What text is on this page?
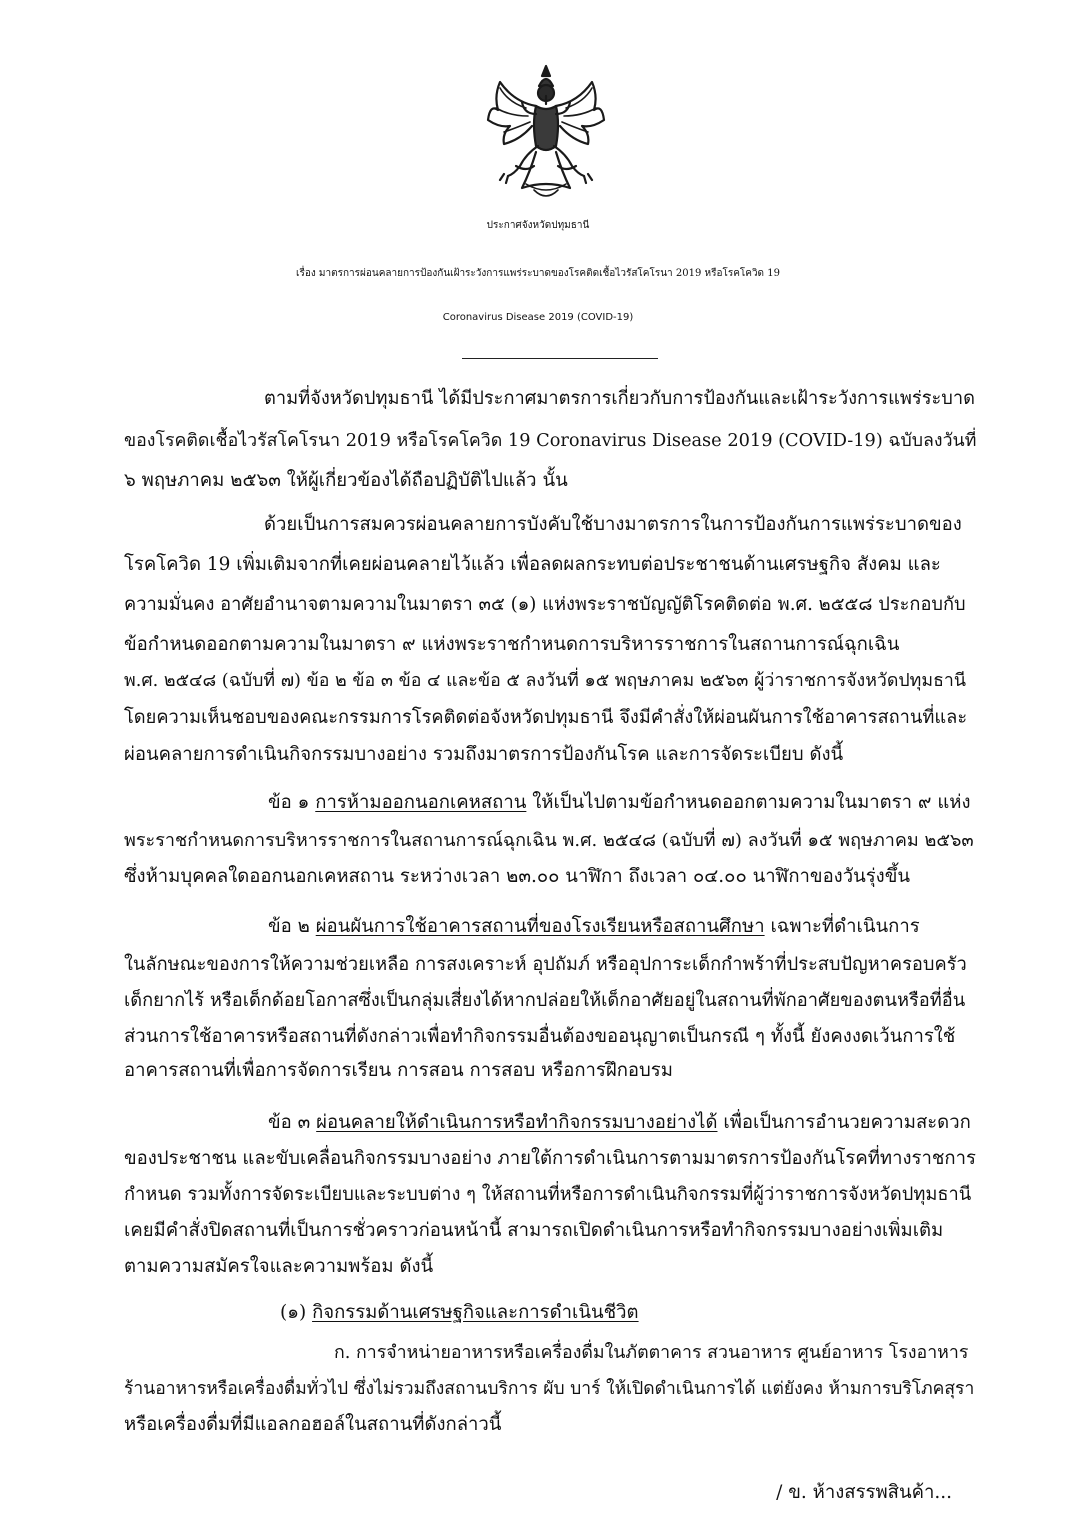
ประกาศจังหวัดปทุมธานี
เรื่อง มาตรการผ่อนคลายการป้องกันเฝ้าระวังการแพร่ระบาดของโรคติดเชื้อไวรัสโคโรนา 2019 หรือโรคโควิด 19
Coronavirus Disease 2019 (COVID-19)
ตามที่จังหวัดปทุมธานี ได้มีประกาศมาตรการเกี่ยวกับการป้องกันและเฝ้าระวังการแพร่ระบาด
ของโรคติดเชื้อไวรัสโคโรนา 2019 หรือโรคโควิด 19 Coronavirus Disease 2019 (COVID-19) ฉบับลงวันที่
๖ พฤษภาคม ๒๕๖๓ ให้ผู้เกี่ยวข้องได้ถือปฏิบัติไปแล้ว นั้น
ด้วยเป็นการสมควรผ่อนคลายการบังคับใช้บางมาตรการในการป้องกันการแพร่ระบาดของ
โรคโควิด 19 เพิ่มเติมจากที่เคยผ่อนคลายไว้แล้ว เพื่อลดผลกระทบต่อประชาชนด้านเศรษฐกิจ สังคม และ
ความมั่นคง อาศัยอำนาจตามความในมาตรา ๓๕ (๑) แห่งพระราชบัญญัติโรคติดต่อ พ.ศ. ๒๕๕๘ ประกอบกับ
ข้อกำหนดออกตามความในมาตรา ๙ แห่งพระราชกำหนดการบริหารราชการในสถานการณ์ฉุกเฉิน
พ.ศ. ๒๕๔๘ (ฉบับที่ ๗) ข้อ ๒ ข้อ ๓ ข้อ ๔ และข้อ ๕ ลงวันที่ ๑๕ พฤษภาคม ๒๕๖๓ ผู้ว่าราชการจังหวัดปทุมธานี
โดยความเห็นชอบของคณะกรรมการโรคติดต่อจังหวัดปทุมธานี จึงมีคำสั่งให้ผ่อนผันการใช้อาคารสถานที่และ
ผ่อนคลายการดำเนินกิจกรรมบางอย่าง รวมถึงมาตรการป้องกันโรค และการจัดระเบียบ ดังนี้
ข้อ ๑ การห้ามออกนอกเคหสถาน ให้เป็นไปตามข้อกำหนดออกตามความในมาตรา ๙ แห่ง
พระราชกำหนดการบริหารราชการในสถานการณ์ฉุกเฉิน พ.ศ. ๒๕๔๘ (ฉบับที่ ๗) ลงวันที่ ๑๕ พฤษภาคม ๒๕๖๓
ซึ่งห้ามบุคคลใดออกนอกเคหสถาน ระหว่างเวลา ๒๓.๐๐ นาฬิกา ถึงเวลา ๐๔.๐๐ นาฬิกาของวันรุ่งขึ้น
ข้อ ๒ ผ่อนผันการใช้อาคารสถานที่ของโรงเรียนหรือสถานศึกษา เฉพาะที่ดำเนินการ
ในลักษณะของการให้ความช่วยเหลือ การสงเคราะห์ อุปถัมภ์ หรืออุปการะเด็กกำพร้าที่ประสบปัญหาครอบครัว
เด็กยากไร้ หรือเด็กด้อยโอกาสซึ่งเป็นกลุ่มเสี่ยงได้หากปล่อยให้เด็กอาศัยอยู่ในสถานที่พักอาศัยของตนหรือที่อื่น
ส่วนการใช้อาคารหรือสถานที่ดังกล่าวเพื่อทำกิจกรรมอื่นต้องขออนุญาตเป็นกรณี ๆ ทั้งนี้ ยังคงงดเว้นการใช้
อาคารสถานที่เพื่อการจัดการเรียน การสอน การสอบ หรือการฝึกอบรม
ข้อ ๓ ผ่อนคลายให้ดำเนินการหรือทำกิจกรรมบางอย่างได้ เพื่อเป็นการอำนวยความสะดวก
ของประชาชน และขับเคลื่อนกิจกรรมบางอย่าง ภายใต้การดำเนินการตามมาตรการป้องกันโรคที่ทางราชการ
กำหนด รวมทั้งการจัดระเบียบและระบบต่าง ๆ ให้สถานที่หรือการดำเนินกิจกรรมที่ผู้ว่าราชการจังหวัดปทุมธานี
เคยมีคำสั่งปิดสถานที่เป็นการชั่วคราวก่อนหน้านี้ สามารถเปิดดำเนินการหรือทำกิจกรรมบางอย่างเพิ่มเติม
ตามความสมัครใจและความพร้อม ดังนี้
(๑) กิจกรรมด้านเศรษฐกิจและการดำเนินชีวิต
ก. การจำหน่ายอาหารหรือเครื่องดื่มในภัตตาคาร สวนอาหาร ศูนย์อาหาร โรงอาหาร
ร้านอาหารหรือเครื่องดื่มทั่วไป ซึ่งไม่รวมถึงสถานบริการ ผับ บาร์ ให้เปิดดำเนินการได้ แต่ยังคง ห้ามการบริโภคสุรา
หรือเครื่องดื่มที่มีแอลกอฮอล์ในสถานที่ดังกล่าวนี้
/ ข. ห้างสรรพสินค้า...
